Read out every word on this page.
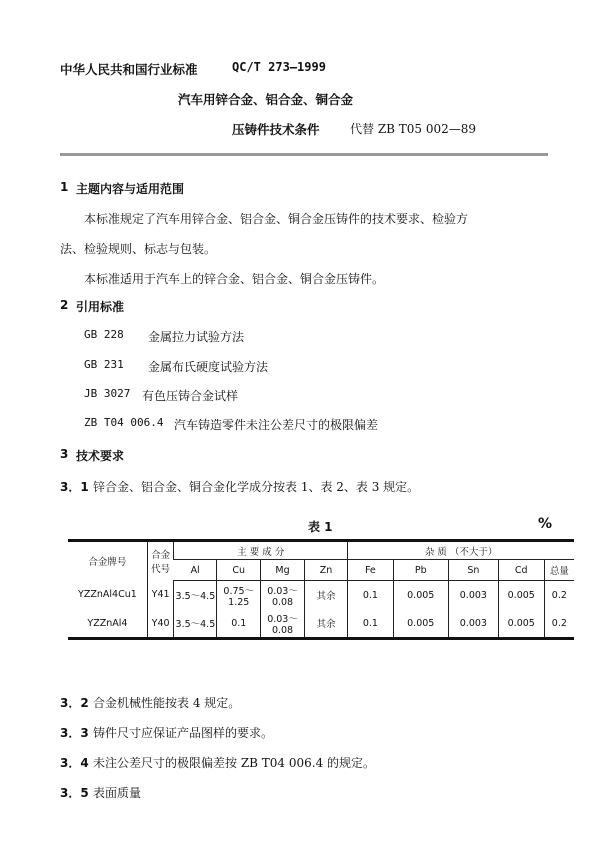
中华人民共和国行业标准	QC/T 273—1999
汽车用锌合金、铝合金、铜合金
压铸件技术条件	代替 ZB T05 002—89
1 主题内容与适用范围
本标准规定了汽车用锌合金、铝合金、铜合金压铸件的技术要求、检验方
法、检验规则、标志与包装。
本标准适用于汽车上的锌合金、铝合金、铜合金压铸件。
2 引用标准
GB 228 金属拉力试验方法
GB 231 金属布氏硬度试验方法
JB 3027 有色压铸合金试样
ZB T04 006.4 汽车铸造零件未注公差尺寸的极限偏差
3 技术要求
3．1 锌合金、铝合金、铜合金化学成分按表 1、表 2、表 3 规定。
表 1	%
合金牌号	合金代号	主 要 成 分				杂 质 （不大于）				
		Al	Cu	Mg	Zn	Fe	Pb	Sn	Cd	总量
YZZnAl4Cu1	Y41	3.5～4.5	0.75～1.25	0.03～0.08	其余	0.1	0.005	0.003	0.005	0.2
YZZnAl4	Y40	3.5～4.5	0.1	0.03～0.08	其余	0.1	0.005	0.003	0.005	0.2
3．2 合金机械性能按表 4 规定。
3．3 铸件尺寸应保证产品图样的要求。
3．4 未注公差尺寸的极限偏差按 ZB T04 006.4 的规定。
3．5 表面质量
